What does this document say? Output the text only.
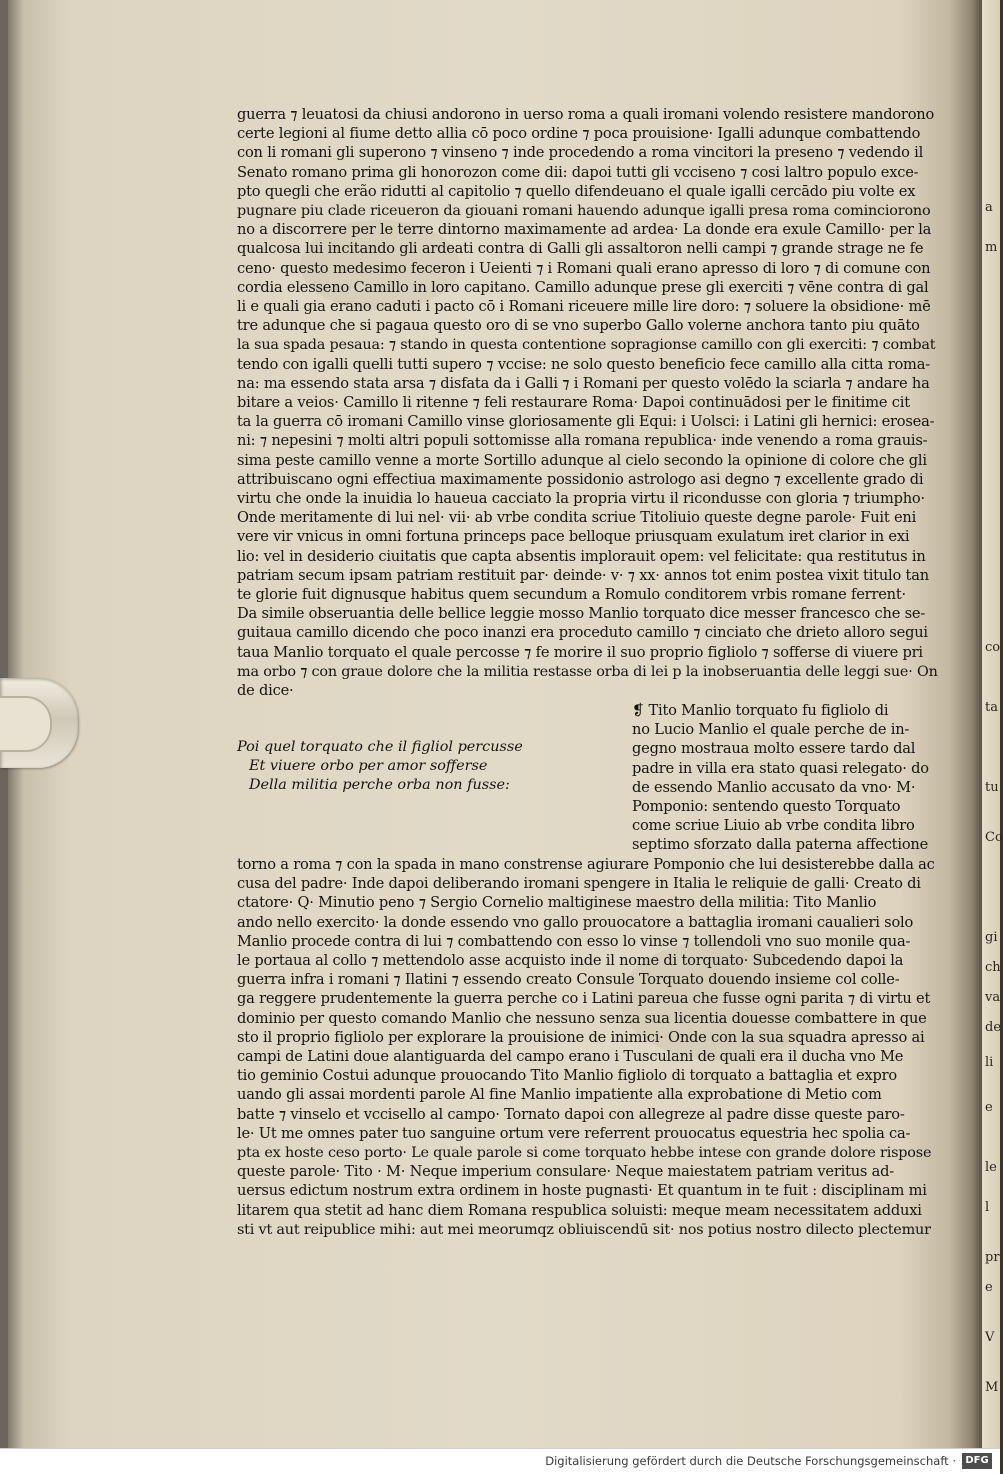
guerra ⁊ leuatosi da chiusi andorono in uerso roma a quali iromani volendo resistere mandorono
certe legioni al fiume detto allia cō poco ordine ⁊ poca prouisione· Igalli adunque combattendo
con li romani gli superono ⁊ vinseno ⁊ inde procedendo a roma vincitori la preseno ⁊ vedendo il
Senato romano prima gli honorozon come dii: dapoi tutti gli vcciseno ⁊ cosi laltro populo exce-
pto quegli che erão ridutti al capitolio ⁊ quello difendeuano el quale igalli cercādo piu volte ex
pugnare piu clade riceueron da giouani romani hauendo adunque igalli presa roma cominciorono
no a discorrere per le terre dintorno maximamente ad ardea· La donde era exule Camillo· per la
qualcosa lui incitando gli ardeati contra di Galli gli assaltoron nelli campi ⁊ grande strage ne fe
ceno· questo medesimo feceron i Ueienti ⁊ i Romani quali erano apresso di loro ⁊ di comune con
cordia elesseno Camillo in loro capitano. Camillo adunque prese gli exerciti ⁊ vēne contra di gal
li e quali gia erano caduti i pacto cō i Romani riceuere mille lire doro: ⁊ soluere la obsidione· mē
tre adunque che si pagaua questo oro di se vno superbo Gallo volerne anchora tanto piu quāto
la sua spada pesaua: ⁊ stando in questa contentione sopragionse camillo con gli exerciti: ⁊ combat
tendo con igalli quelli tutti supero ⁊ vccise: ne solo questo beneficio fece camillo alla citta roma-
na: ma essendo stata arsa ⁊ disfata da i Galli ⁊ i Romani per questo volēdo la sciarla ⁊ andare ha
bitare a veios· Camillo li ritenne ⁊ feli restaurare Roma· Dapoi continuādosi per le finitime cit
ta la guerra cō iromani Camillo vinse gloriosamente gli Equi: i Uolsci: i Latini gli hernici: erosea-
ni: ⁊ nepesini ⁊ molti altri populi sottomisse alla romana republica· inde venendo a roma grauis-
sima peste camillo venne a morte Sortillo adunque al cielo secondo la opinione di colore che gli
attribuiscano ogni effectiua maximamente possidonio astrologo asi degno ⁊ excellente grado di
virtu che onde la inuidia lo haueua cacciato la propria virtu il ricondusse con gloria ⁊ triumpho·
Onde meritamente di lui nel· vii· ab vrbe condita scriue Titoliuio queste degne parole· Fuit eni
vere vir vnicus in omni fortuna princeps pace belloque priusquam exulatum iret clarior in exi
lio: vel in desiderio ciuitatis que capta absentis implorauit opem: vel felicitate: qua restitutus in
patriam secum ipsam patriam restituit par· deinde· v· ⁊ xx· annos tot enim postea vixit titulo tan
te glorie fuit dignusque habitus quem secundum a Romulo conditorem vrbis romane ferrent·
Da simile obseruantia delle bellice leggie mosso Manlio torquato dice messer francesco che se-
guitaua camillo dicendo che poco inanzi era proceduto camillo ⁊ cinciato che drieto alloro segui
taua Manlio torquato el quale percosse ⁊ fe morire il suo proprio figliolo ⁊ sofferse di viuere pri
ma orbo ⁊ con graue dolore che la militia restasse orba di lei p la inobseruantia delle leggi sue· On
de dice·
Poi quel torquato che il figliol percusse
Et viuere orbo per amor sofferse
Della militia perche orba non fusse:
❡ Tito Manlio torquato fu figliolo di
no Lucio Manlio el quale perche de in-
gegno mostraua molto essere tardo dal
padre in villa era stato quasi relegato· do
de essendo Manlio accusato da vno· M·
Pomponio: sentendo questo Torquato
come scriue Liuio ab vrbe condita libro
septimo sforzato dalla paterna affectione
torno a roma ⁊ con la spada in mano constrense agiurare Pomponio che lui desisterebbe dalla ac
cusa del padre· Inde dapoi deliberando iromani spengere in Italia le reliquie de galli· Creato di
ctatore· Q· Minutio peno ⁊ Sergio Cornelio maltiginese maestro della militia: Tito Manlio
ando nello exercito· la donde essendo vno gallo prouocatore a battaglia iromani caualieri solo
Manlio procede contra di lui ⁊ combattendo con esso lo vinse ⁊ tollendoli vno suo monile qua-
le portaua al collo ⁊ mettendolo asse acquisto inde il nome di torquato· Subcedendo dapoi la
guerra infra i romani ⁊ Ilatini ⁊ essendo creato Consule Torquato douendo insieme col colle-
ga reggere prudentemente la guerra perche co i Latini pareua che fusse ogni parita ⁊ di virtu et
dominio per questo comando Manlio che nessuno senza sua licentia douesse combattere in que
sto il proprio figliolo per explorare la prouisione de inimici· Onde con la sua squadra apresso ai
campi de Latini doue alantiguarda del campo erano i Tusculani de quali era il ducha vno Me
tio geminio Costui adunque prouocando Tito Manlio figliolo di torquato a battaglia et expro
uando gli assai mordenti parole Al fine Manlio impatiente alla exprobatione di Metio com
batte ⁊ vinselo et vccisello al campo· Tornato dapoi con allegreze al padre disse queste paro-
le· Ut me omnes pater tuo sanguine ortum vere referrent prouocatus equestria hec spolia ca-
pta ex hoste ceso porto· Le quale parole si come torquato hebbe intese con grande dolore rispose
queste parole· Tito · M· Neque imperium consulare· Neque maiestatem patriam veritus ad-
uersus edictum nostrum extra ordinem in hoste pugnasti· Et quantum in te fuit : disciplinam mi
litarem qua stetit ad hanc diem Romana respublica soluisti: meque meam necessitatem adduxi
sti vt aut reipublice mihi: aut mei meorumqz obliuiscendū sit· nos potius nostro dilecto plectemur
a
m
co
ta
tu
Co
gi
ch
va
de
li
e
le
l
pr
e
V
M
Digitalisierung gefördert durch die Deutsche Forschungsgemeinschaft · DFG
